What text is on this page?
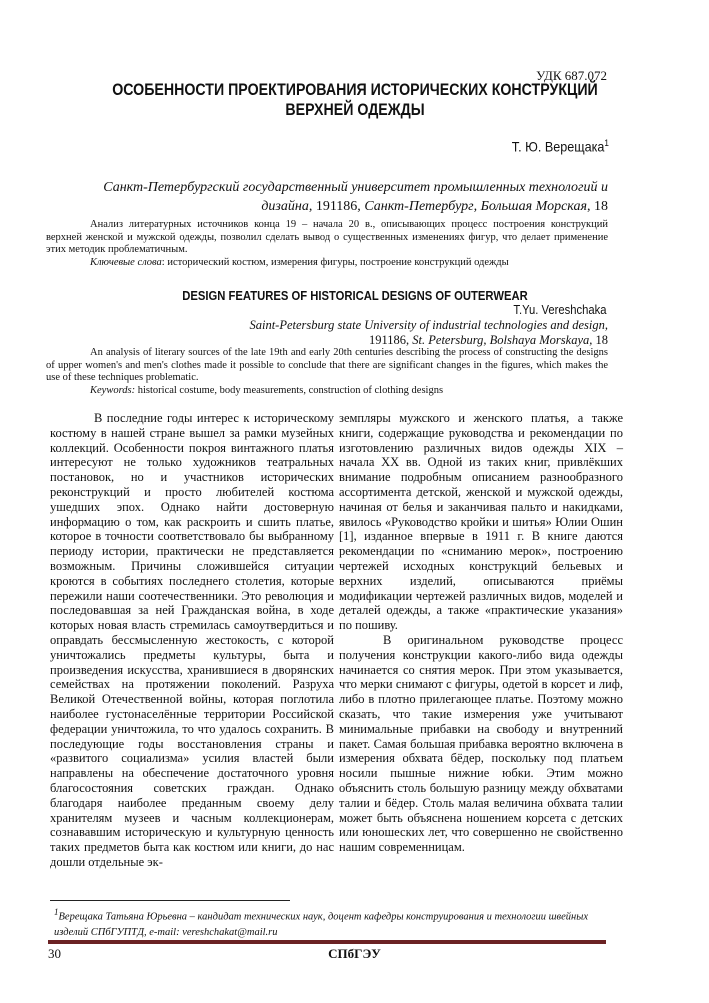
УДК 687.072
ОСОБЕННОСТИ ПРОЕКТИРОВАНИЯ ИСТОРИЧЕСКИХ КОНСТРУКЦИЙ ВЕРХНЕЙ ОДЕЖДЫ
Т. Ю. Верещака$^1$
Санкт-Петербургский государственный университет промышленных технологий и дизайна, 191186, Санкт-Петербург, Большая Морская, 18
Анализ литературных источников конца 19 – начала 20 в., описывающих процесс построения конструкций верхней женской и мужской одежды, позволил сделать вывод о существенных изменениях фигур, что делает применение этих методик проблематичным.
Ключевые слова: исторический костюм, измерения фигуры, построение конструкций одежды
DESIGN FEATURES OF HISTORICAL DESIGNS OF OUTERWEAR
T.Yu. Vereshchaka
Saint-Petersburg state University of industrial technologies and design,
191186, St. Petersburg, Bolshaya Morskaya, 18
An analysis of literary sources of the late 19th and early 20th centuries describing the process of constructing the designs of upper women's and men's clothes made it possible to conclude that there are significant changes in the figures, which makes the use of these techniques problematic.
Keywords: historical costume, body measurements, construction of clothing designs

В последние годы интерес к историческому костюму в нашей стране вышел за рамки музейных коллекций. Особенности покроя винтажного платья интересуют не только художников театральных постановок, но и участников исторических реконструкций и просто любителей костюма ушедших эпох. Однако найти достоверную информацию о том, как раскроить и сшить платье, которое в точности соответствовало бы выбранному периоду истории, практически не представляется возможным. Причины сложившейся ситуации кроются в событиях последнего столетия, которые пережили наши соотечественники. Это революция и последовавшая за ней Гражданская война, в ходе которых новая власть стремилась самоутвердиться и оправдать бессмысленную жестокость, с которой уничтожались предметы культуры, быта и произведения искусства, хранившиеся в дворянских семействах на протяжении поколений. Разруха Великой Отечественной войны, которая поглотила наиболее густонаселённые территории Российской федерации уничтожила, то что удалось сохранить. В последующие годы восстановления страны и «развитого социализма» усилия властей были направлены на обеспечение достаточного уровня благосостояния советских граждан. Однако благодаря наиболее преданным своему делу хранителям музеев и часным коллекционерам, сознававшим историческую и культурную ценность таких предметов быта как костюм или книги, до нас дошли отдельные эк-

земпляры мужского и женского платья, а также книги, содержащие руководства и рекомендации по изготовлению различных видов одежды XIX – начала XX вв. Одной из таких книг, привлёкших внимание подробным описанием разнообразного ассортимента детской, женской и мужской одежды, начиная от белья и заканчивая пальто и накидками, явилось «Руководство кройки и шитья» Юлии Ошин [1], изданное впервые в 1911 г. В книге даются рекомендации по «сниманию мерок», построению чертежей исходных конструкций бельевых и верхних изделий, описываются приёмы модификации чертежей различных видов, моделей и деталей одежды, а также «практические указания» по пошиву.

В оригинальном руководстве процесс получения конструкции какого-либо вида одежды начинается со снятия мерок. При этом указывается, что мерки снимают с фигуры, одетой в корсет и лиф, либо в плотно прилегающее платье. Поэтому можно сказать, что такие измерения уже учитывают минимальные прибавки на свободу и внутренний пакет. Самая большая прибавка вероятно включена в измерения обхвата бёдер, поскольку под платьем носили пышные нижние юбки. Этим можно объяснить столь большую разницу между обхватами талии и бёдер. Столь малая величина обхвата талии может быть объяснена ношением корсета с детских или юношеских лет, что совершенно не свойственно нашим современницам.

$^1$Верещака Татьяна Юрьевна – кандидат технических наук, доцент кафедры конструирования и технологии швейных изделий СПбГУПТД, e-mail: vereshchakat@mail.ru
30	СПбГЭУ
